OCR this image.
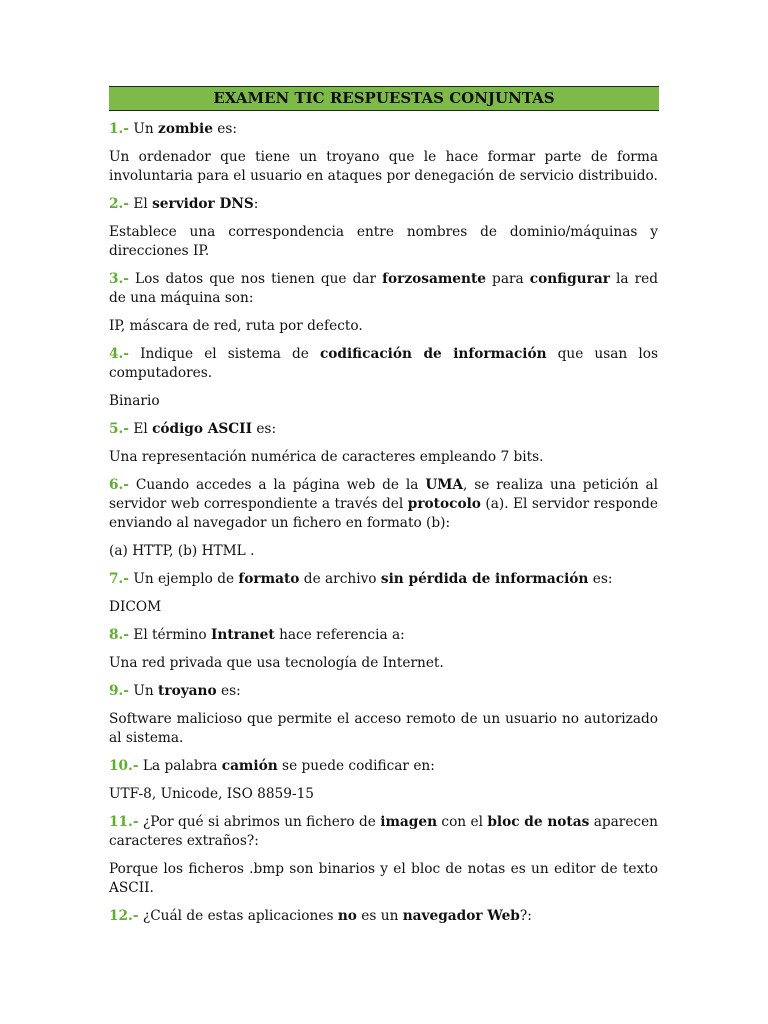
EXAMEN TIC RESPUESTAS CONJUNTAS

1.- Un zombie es:

Un ordenador que tiene un troyano que le hace formar parte de forma involuntaria para el usuario en ataques por denegación de servicio distribuido.

2.- El servidor DNS:

Establece una correspondencia entre nombres de dominio/máquinas y direcciones IP.

3.- Los datos que nos tienen que dar forzosamente para configurar la red de una máquina son:

IP, máscara de red, ruta por defecto.

4.- Indique el sistema de codificación de información que usan los computadores.

Binario

5.- El código ASCII es:

Una representación numérica de caracteres empleando 7 bits.

6.- Cuando accedes a la página web de la UMA, se realiza una petición al servidor web correspondiente a través del protocolo (a). El servidor responde enviando al navegador un fichero en formato (b):

(a) HTTP, (b) HTML .

7.- Un ejemplo de formato de archivo sin pérdida de información es:

DICOM

8.- El término Intranet hace referencia a:

Una red privada que usa tecnología de Internet.

9.- Un troyano es:

Software malicioso que permite el acceso remoto de un usuario no autorizado al sistema.

10.- La palabra camión se puede codificar en:

UTF-8, Unicode, ISO 8859-15

11.- ¿Por qué si abrimos un fichero de imagen con el bloc de notas aparecen caracteres extraños?:

Porque los ficheros .bmp son binarios y el bloc de notas es un editor de texto ASCII.

12.- ¿Cuál de estas aplicaciones no es un navegador Web?:
